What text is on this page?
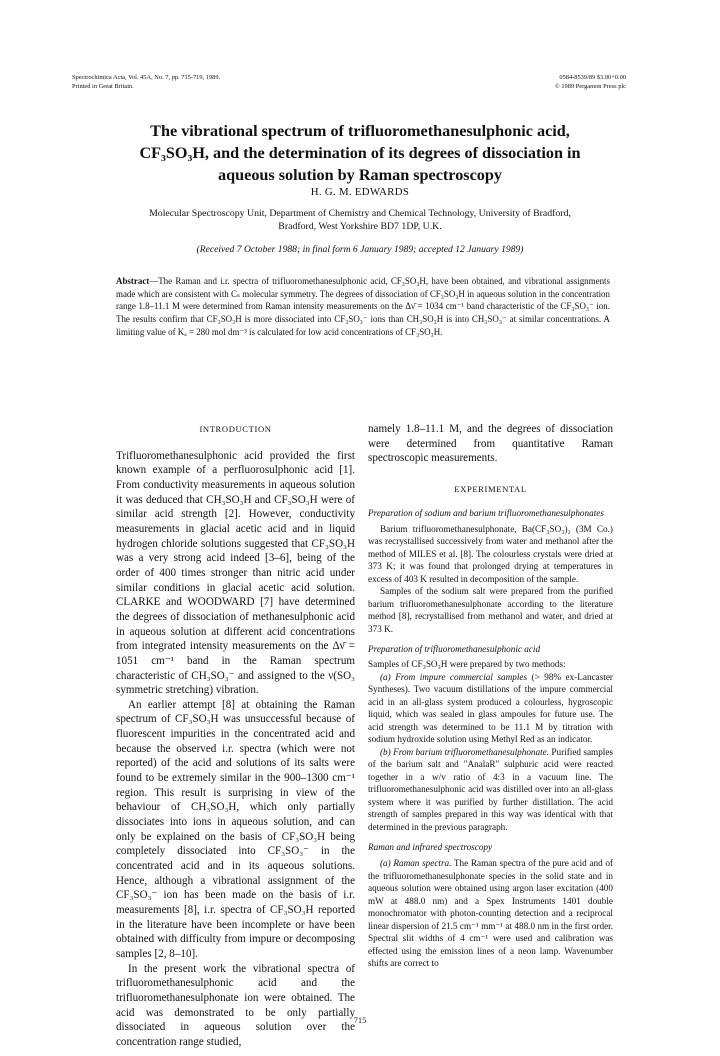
Spectrochimica Acta, Vol. 45A, No. 7, pp. 715-719, 1989.
Printed in Great Britain.
0584-8539/89 $3.00+0.00
© 1989 Pergamon Press plc
The vibrational spectrum of trifluoromethanesulphonic acid,
CF₃SO₃H, and the determination of its degrees of dissociation in
aqueous solution by Raman spectroscopy
H. G. M. EDWARDS
Molecular Spectroscopy Unit, Department of Chemistry and Chemical Technology, University of Bradford,
Bradford, West Yorkshire BD7 1DP, U.K.
(Received 7 October 1988; in final form 6 January 1989; accepted 12 January 1989)
Abstract—The Raman and i.r. spectra of trifluoromethanesulphonic acid, CF₃SO₃H, have been obtained, and vibrational assignments made which are consistent with Cₛ molecular symmetry. The degrees of dissociation of CF₃SO₃H in aqueous solution in the concentration range 1.8–11.1 M were determined from Raman intensity measurements on the Δν̄ = 1034 cm⁻¹ band characteristic of the CF₃SO₃⁻ ion. The results confirm that CF₃SO₃H is more dissociated into CF₃SO₃⁻ ions than CH₃SO₃H is into CH₃SO₃⁻ at similar concentrations. A limiting value of Kₐ = 280 mol dm⁻³ is calculated for low acid concentrations of CF₃SO₃H.

INTRODUCTION

Trifluoromethanesulphonic acid provided the first known example of a perfluorosulphonic acid [1]. From conductivity measurements in aqueous solution it was deduced that CH₃SO₃H and CF₃SO₃H were of similar acid strength [2]. However, conductivity measurements in glacial acetic acid and in liquid hydrogen chloride solutions suggested that CF₃SO₃H was a very strong acid indeed [3–6], being of the order of 400 times stronger than nitric acid under similar conditions in glacial acetic acid solution. CLARKE and WOODWARD [7] have determined the degrees of dissociation of methanesulphonic acid in aqueous solution at different acid concentrations from integrated intensity measurements on the Δν̄ = 1051 cm⁻¹ band in the Raman spectrum characteristic of CH₃SO₃⁻ and assigned to the ν(SO₃ symmetric stretching) vibration.

An earlier attempt [8] at obtaining the Raman spectrum of CF₃SO₃H was unsuccessful because of fluorescent impurities in the concentrated acid and because the observed i.r. spectra (which were not reported) of the acid and solutions of its salts were found to be extremely similar in the 900–1300 cm⁻¹ region. This result is surprising in view of the behaviour of CH₃SO₃H, which only partially dissociates into ions in aqueous solution, and can only be explained on the basis of CF₃SO₃H being completely dissociated into CF₃SO₃⁻ in the concentrated acid and in its aqueous solutions. Hence, although a vibrational assignment of the CF₃SO₃⁻ ion has been made on the basis of i.r. measurements [8], i.r. spectra of CF₃SO₃H reported in the literature have been incomplete or have been obtained with difficulty from impure or decomposing samples [2, 8–10].

In the present work the vibrational spectra of trifluoromethanesulphonic acid and the trifluoromethanesulphonate ion were obtained. The acid was demonstrated to be only partially dissociated in aqueous solution over the concentration range studied,

namely 1.8–11.1 M, and the degrees of dissociation were determined from quantitative Raman spectroscopic measurements.

EXPERIMENTAL

Preparation of sodium and barium trifluoromethanesulphonates

Barium trifluoromethanesulphonate, Ba(CF₃SO₃)₂ (3M Co.) was recrystallised successively from water and methanol after the method of MILES et al. [8]. The colourless crystals were dried at 373 K; it was found that prolonged drying at temperatures in excess of 403 K resulted in decomposition of the sample.

Samples of the sodium salt were prepared from the purified barium trifluoromethanesulphonate according to the literature method [8], recrystallised from methanol and water, and dried at 373 K.

Preparation of trifluoromethanesulphonic acid

Samples of CF₃SO₃H were prepared by two methods:

(a) From impure commercial samples (> 98% ex-Lancaster Syntheses). Two vacuum distillations of the impure commercial acid in an all-glass system produced a colourless, hygroscopic liquid, which was sealed in glass ampoules for future use. The acid strength was determined to be 11.1 M by titration with sodium hydroxide solution using Methyl Red as an indicator.

(b) From barium trifluoromethanesulphonate. Purified samples of the barium salt and "AnalaR" sulphuric acid were reacted together in a w/v ratio of 4:3 in a vacuum line. The trifluoromethanesulphonic acid was distilled over into an all-glass system where it was purified by further distillation. The acid strength of samples prepared in this way was identical with that determined in the previous paragraph.

Raman and infrared spectroscopy

(a) Raman spectra. The Raman spectra of the pure acid and of the trifluoromethanesulphonate species in the solid state and in aqueous solution were obtained using argon laser excitation (400 mW at 488.0 nm) and a Spex Instruments 1401 double monochromator with photon-counting detection and a reciprocal linear dispersion of 21.5 cm⁻¹ mm⁻¹ at 488.0 nm in the first order. Spectral slit widths of 4 cm⁻¹ were used and calibration was effected using the emission lines of a neon lamp. Wavenumber shifts are correct to

715
